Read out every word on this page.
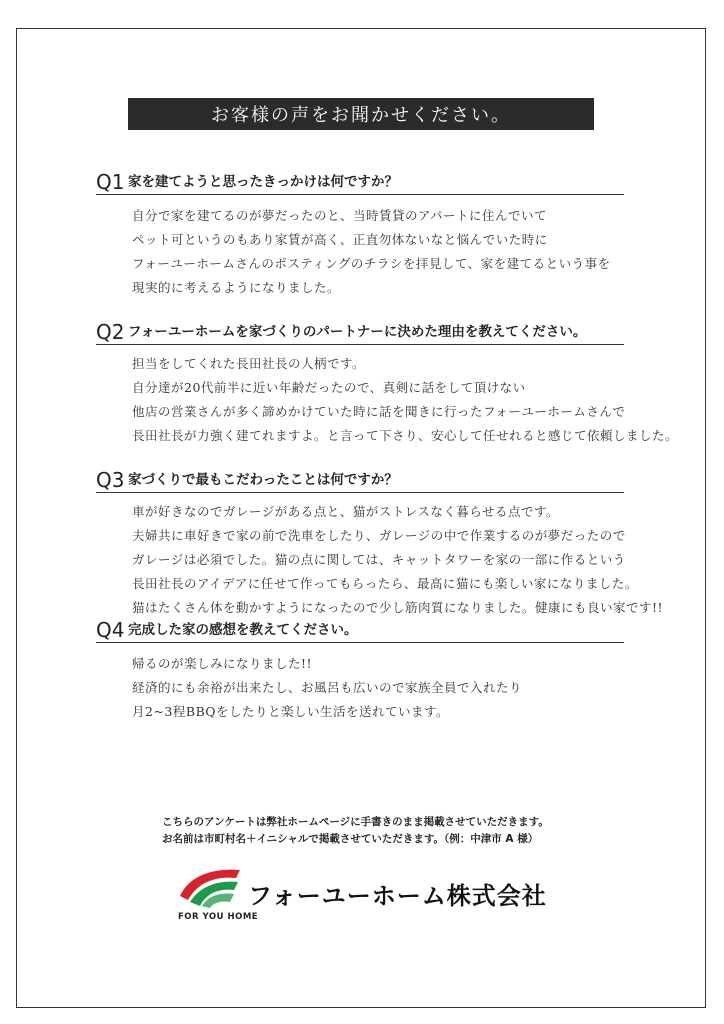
お客様の声をお聞かせください。
Q1 家を建てようと思ったきっかけは何ですか？
自分で家を建てるのが夢だったのと、当時賃貸のアパートに住んでいて
ペット可というのもあり家賃が高く、正直勿体ないなと悩んでいた時に
フォーユーホームさんのポスティングのチラシを拝見して、家を建てるという事を
現実的に考えるようになりました。
Q2 フォーユーホームを家づくりのパートナーに決めた理由を教えてください。
担当をしてくれた長田社長の人柄です。
自分達が20代前半に近い年齢だったので、真剣に話をして頂けない
他店の営業さんが多く諦めかけていた時に話を聞きに行ったフォーユーホームさんで
長田社長が力強く建てれますよ。と言って下さり、安心して任せれると感じて依頼しました。
Q3 家づくりで最もこだわったことは何ですか？
車が好きなのでガレージがある点と、猫がストレスなく暮らせる点です。
夫婦共に車好きで家の前で洗車をしたり、ガレージの中で作業するのが夢だったので
ガレージは必須でした。猫の点に関しては、キャットタワーを家の一部に作るという
長田社長のアイデアに任せて作ってもらったら、最高に猫にも楽しい家になりました。
猫はたくさん体を動かすようになったので少し筋肉質になりました。健康にも良い家です!!
Q4 完成した家の感想を教えてください。
帰るのが楽しみになりました!!
経済的にも余裕が出来たし、お風呂も広いので家族全員で入れたり
月2~3程BBQをしたりと楽しい生活を送れています。
こちらのアンケートは弊社ホームページに手書きのまま掲載させていただきます。
お名前は市町村名＋イニシャルで掲載させていただきます。（例：中津市 A 様）
FOR YOU HOME
フォーユーホーム株式会社
